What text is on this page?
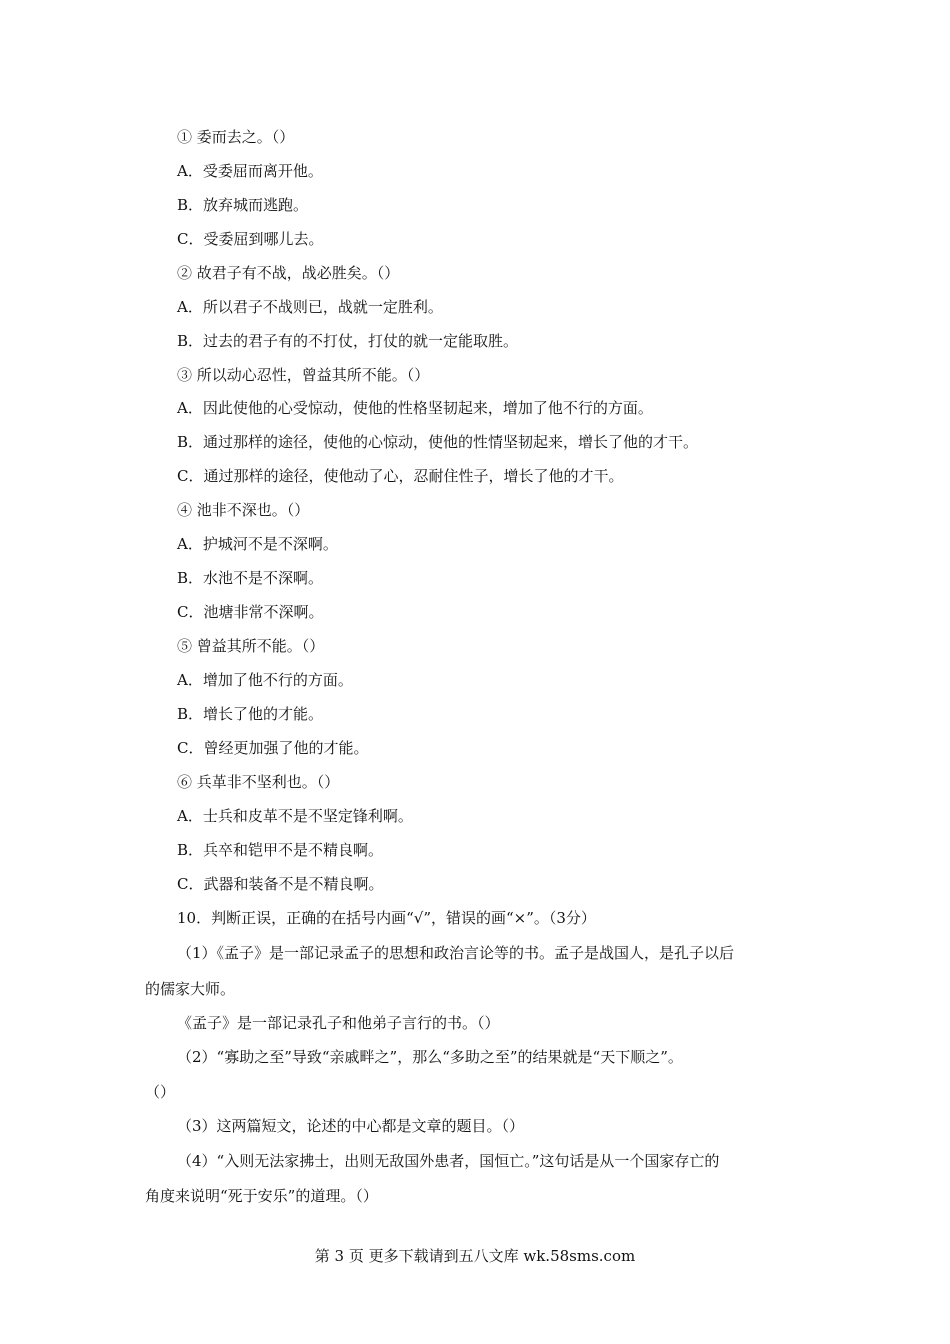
① 委而去之。（）
A．受委屈而离开他。
B．放弃城而逃跑。
C．受委屈到哪儿去。
② 故君子有不战，战必胜矣。（）
A．所以君子不战则已，战就一定胜利。
B．过去的君子有的不打仗，打仗的就一定能取胜。
③ 所以动心忍性，曾益其所不能。（）
A．因此使他的心受惊动，使他的性格坚韧起来，增加了他不行的方面。
B．通过那样的途径，使他的心惊动，使他的性情坚韧起来，增长了他的才干。
C．通过那样的途径，使他动了心，忍耐住性子，增长了他的才干。
④ 池非不深也。（）
A．护城河不是不深啊。
B．水池不是不深啊。
C．池塘非常不深啊。
⑤ 曾益其所不能。（）
A．增加了他不行的方面。
B．增长了他的才能。
C．曾经更加强了他的才能。
⑥ 兵革非不坚利也。（）
A．士兵和皮革不是不坚定锋利啊。
B．兵卒和铠甲不是不精良啊。
C．武器和装备不是不精良啊。
10．判断正误，正确的在括号内画“√”，错误的画“×”。（3分）
（1）《孟子》是一部记录孟子的思想和政治言论等的书。孟子是战国人，是孔子以后
的儒家大师。
《孟子》是一部记录孔子和他弟子言行的书。（）
（2）“寡助之至”导致“亲戚畔之”，那么“多助之至”的结果就是“天下顺之”。
（）
（3）这两篇短文，论述的中心都是文章的题目。（）
（4）“入则无法家拂士，出则无敌国外患者，国恒亡。”这句话是从一个国家存亡的
角度来说明“死于安乐”的道理。（）
第 3 页 更多下载请到五八文库 wk.58sms.com
